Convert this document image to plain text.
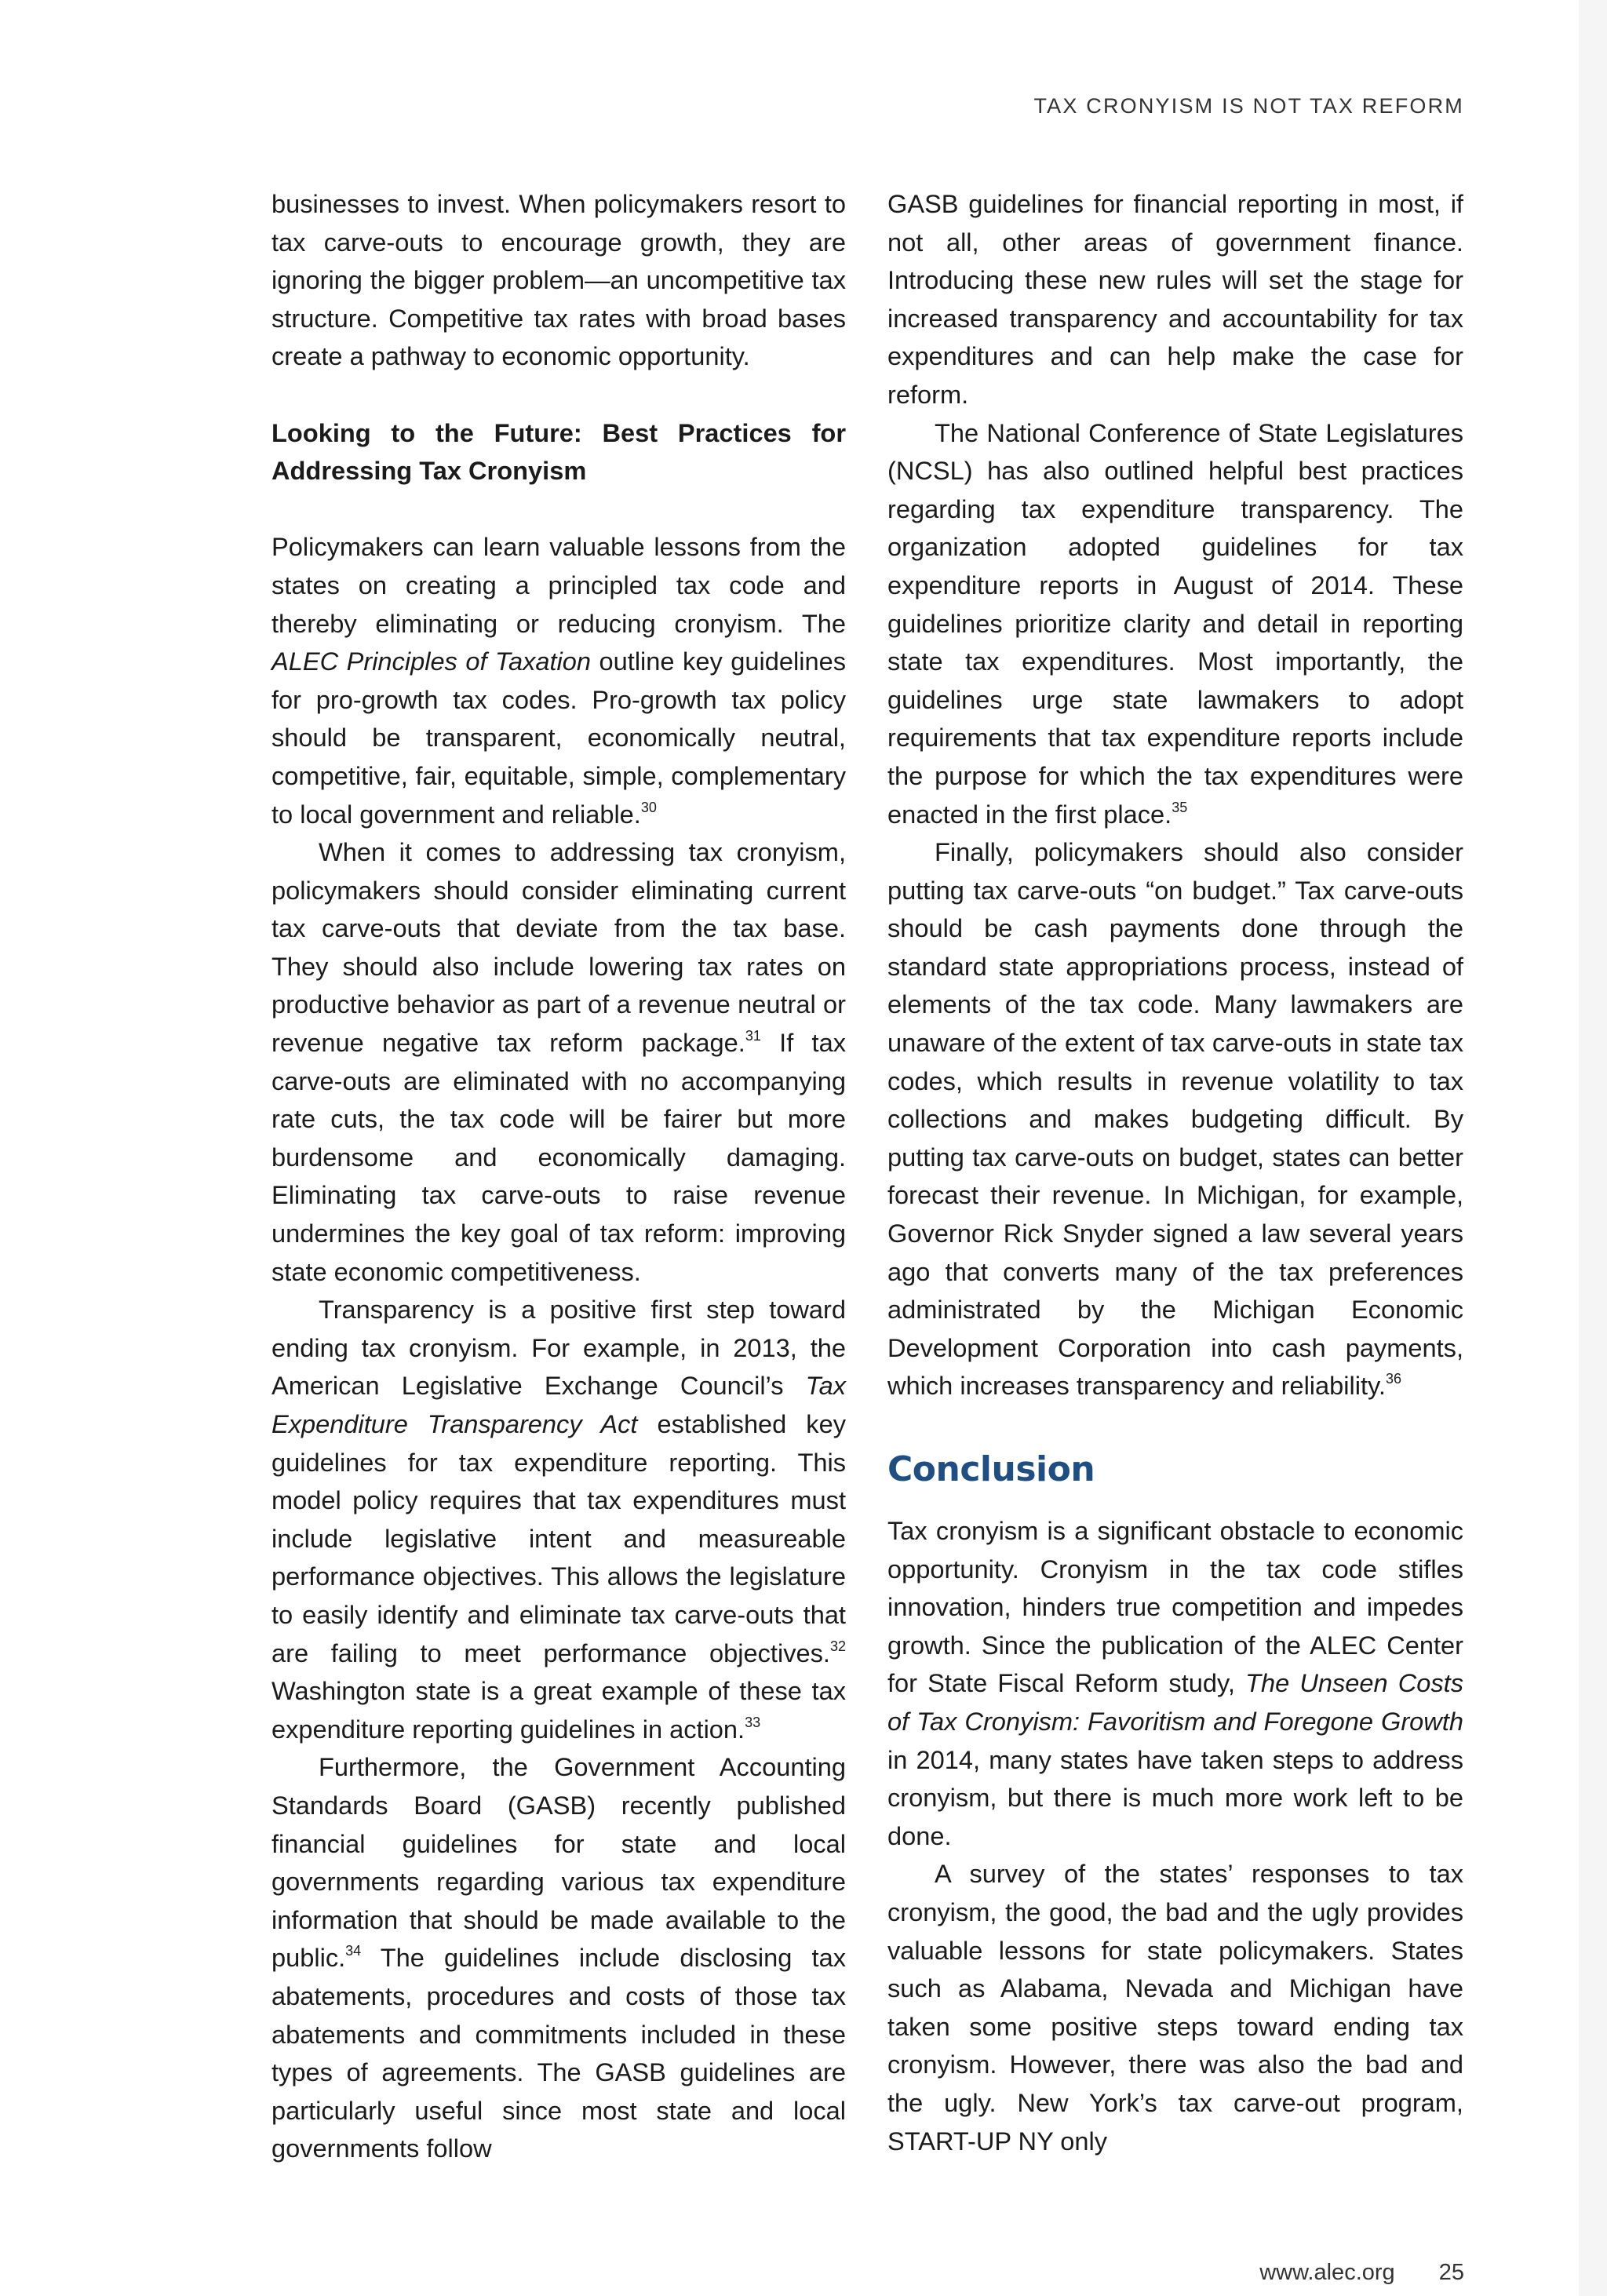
TAX CRONYISM IS NOT TAX REFORM

businesses to invest. When policymakers resort to tax carve-outs to encourage growth, they are ignoring the bigger problem—an uncompetitive tax structure. Competitive tax rates with broad bases create a pathway to economic opportunity.

Looking to the Future: Best Practices for Addressing Tax Cronyism

Policymakers can learn valuable lessons from the states on creating a principled tax code and thereby eliminating or reducing cronyism. The ALEC Principles of Taxation outline key guidelines for pro-growth tax codes. Pro-growth tax policy should be transparent, economically neutral, competitive, fair, equitable, simple, complementary to local government and reliable.$^{30}$

When it comes to addressing tax cronyism, policymakers should consider eliminating current tax carve-outs that deviate from the tax base. They should also include lowering tax rates on productive behavior as part of a revenue neutral or revenue negative tax reform package.$^{31}$ If tax carve-outs are eliminated with no accompanying rate cuts, the tax code will be fairer but more burdensome and economically damaging. Eliminating tax carve-outs to raise revenue undermines the key goal of tax reform: improving state economic competitiveness.

Transparency is a positive first step toward ending tax cronyism. For example, in 2013, the American Legislative Exchange Council’s Tax Expenditure Transparency Act established key guidelines for tax expenditure reporting. This model policy requires that tax expenditures must include legislative intent and measureable performance objectives. This allows the legislature to easily identify and eliminate tax carve-outs that are failing to meet performance objectives.$^{32}$ Washington state is a great example of these tax expenditure reporting guidelines in action.$^{33}$

Furthermore, the Government Accounting Standards Board (GASB) recently published financial guidelines for state and local governments regarding various tax expenditure information that should be made available to the public.$^{34}$ The guidelines include disclosing tax abatements, procedures and costs of those tax abatements and commitments included in these types of agreements. The GASB guidelines are particularly useful since most state and local governments follow

GASB guidelines for financial reporting in most, if not all, other areas of government finance. Introducing these new rules will set the stage for increased transparency and accountability for tax expenditures and can help make the case for reform.

The National Conference of State Legislatures (NCSL) has also outlined helpful best practices regarding tax expenditure transparency. The organization adopted guidelines for tax expenditure reports in August of 2014. These guidelines prioritize clarity and detail in reporting state tax expenditures. Most importantly, the guidelines urge state lawmakers to adopt requirements that tax expenditure reports include the purpose for which the tax expenditures were enacted in the first place.$^{35}$

Finally, policymakers should also consider putting tax carve-outs “on budget.” Tax carve-outs should be cash payments done through the standard state appropriations process, instead of elements of the tax code. Many lawmakers are unaware of the extent of tax carve-outs in state tax codes, which results in revenue volatility to tax collections and makes budgeting difficult. By putting tax carve-outs on budget, states can better forecast their revenue. In Michigan, for example, Governor Rick Snyder signed a law several years ago that converts many of the tax preferences administrated by the Michigan Economic Development Corporation into cash payments, which increases transparency and reliability.$^{36}$

Conclusion

Tax cronyism is a significant obstacle to economic opportunity. Cronyism in the tax code stifles innovation, hinders true competition and impedes growth. Since the publication of the ALEC Center for State Fiscal Reform study, The Unseen Costs of Tax Cronyism: Favoritism and Foregone Growth in 2014, many states have taken steps to address cronyism, but there is much more work left to be done.

A survey of the states’ responses to tax cronyism, the good, the bad and the ugly provides valuable lessons for state policymakers. States such as Alabama, Nevada and Michigan have taken some positive steps toward ending tax cronyism. However, there was also the bad and the ugly. New York’s tax carve-out program, START-UP NY only

www.alec.org 25
